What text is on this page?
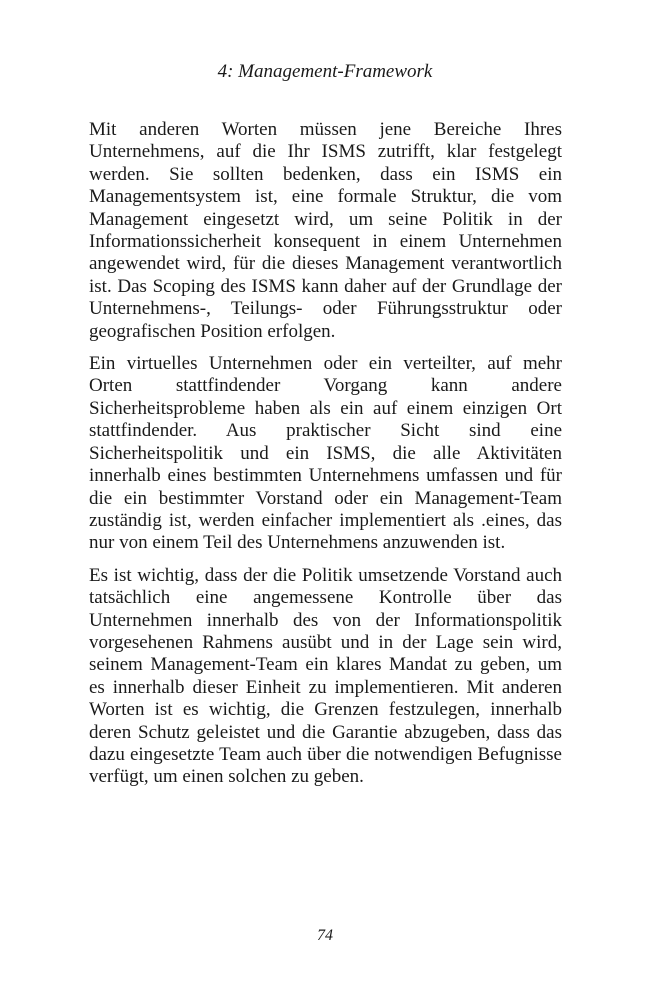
4: Management-Framework

Mit anderen Worten müssen jene Bereiche Ihres Unternehmens, auf die Ihr ISMS zutrifft, klar festgelegt werden. Sie sollten bedenken, dass ein ISMS ein Managementsystem ist, eine formale Struktur, die vom Management eingesetzt wird, um seine Politik in der Informationssicherheit konsequent in einem Unternehmen angewendet wird, für die dieses Management verantwortlich ist. Das Scoping des ISMS kann daher auf der Grundlage der Unternehmens-, Teilungs- oder Führungsstruktur oder geografischen Position erfolgen.

Ein virtuelles Unternehmen oder ein verteilter, auf mehr Orten stattfindender Vorgang kann andere Sicherheitsprobleme haben als ein auf einem einzigen Ort stattfindender. Aus praktischer Sicht sind eine Sicherheitspolitik und ein ISMS, die alle Aktivitäten innerhalb eines bestimmten Unternehmens umfassen und für die ein bestimmter Vorstand oder ein Management-Team zuständig ist, werden einfacher implementiert als .eines, das nur von einem Teil des Unternehmens anzuwenden ist.

Es ist wichtig, dass der die Politik umsetzende Vorstand auch tatsächlich eine angemessene Kontrolle über das Unternehmen innerhalb des von der Informationspolitik vorgesehenen Rahmens ausübt und in der Lage sein wird, seinem Management-Team ein klares Mandat zu geben, um es innerhalb dieser Einheit zu implementieren. Mit anderen Worten ist es wichtig, die Grenzen festzulegen, innerhalb deren Schutz geleistet und die Garantie abzugeben, dass das dazu eingesetzte Team auch über die notwendigen Befugnisse verfügt, um einen solchen zu geben.

74
